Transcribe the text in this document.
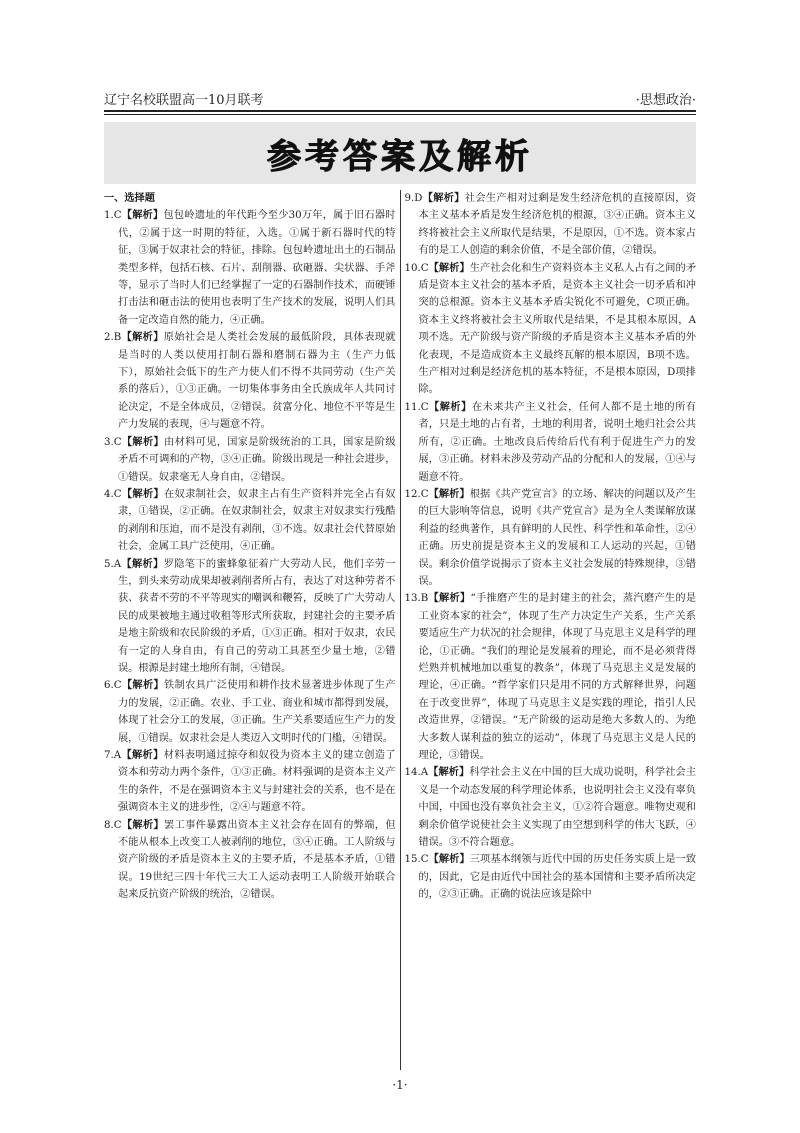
辽宁名校联盟高一10月联考	·思想政治·
参考答案及解析
一、选择题

1.C【解析】包包岭遗址的年代距今至少30万年，属于旧石器时代，②属于这一时期的特征，入选。①属于新石器时代的特征，③属于奴隶社会的特征，排除。包包岭遗址出土的石制品类型多样，包括石核、石片、刮削器、砍砸器、尖状器、手斧等，显示了当时人们已经掌握了一定的石器制作技术，而硬锤打击法和砸击法的使用也表明了生产技术的发展，说明人们具备一定改造自然的能力，④正确。

2.B【解析】原始社会是人类社会发展的最低阶段，具体表现就是当时的人类以使用打制石器和磨制石器为主（生产力低下），原始社会低下的生产力使人们不得不共同劳动（生产关系的落后），①③正确。一切集体事务由全氏族成年人共同讨论决定，不是全体成员，②错误。贫富分化、地位不平等是生产力发展的表现，④与题意不符。

3.C【解析】由材料可见，国家是阶级统治的工具，国家是阶级矛盾不可调和的产物，③④正确。阶级出现是一种社会进步，①错误。奴隶毫无人身自由，②错误。

4.C【解析】在奴隶制社会，奴隶主占有生产资料并完全占有奴隶，①错误，②正确。在奴隶制社会，奴隶主对奴隶实行残酷的剥削和压迫，而不是没有剥削，③不选。奴隶社会代替原始社会，金属工具广泛使用，④正确。

5.A【解析】罗隐笔下的蜜蜂象征着广大劳动人民，他们辛劳一生，到头来劳动成果却被剥削者所占有，表达了对这种劳者不获、获者不劳的不平等现实的嘲讽和鞭笞，反映了广大劳动人民的成果被地主通过收租等形式所获取，封建社会的主要矛盾是地主阶级和农民阶级的矛盾，①③正确。相对于奴隶，农民有一定的人身自由，有自己的劳动工具甚至少量土地，②错误。根源是封建土地所有制，④错误。

6.C【解析】铁制农具广泛使用和耕作技术显著进步体现了生产力的发展，②正确。农业、手工业、商业和城市都得到发展，体现了社会分工的发展，③正确。生产关系要适应生产力的发展，①错误。奴隶社会是人类迈入文明时代的门槛，④错误。

7.A【解析】材料表明通过掠夺和奴役为资本主义的建立创造了资本和劳动力两个条件，①③正确。材料强调的是资本主义产生的条件，不是在强调资本主义与封建社会的关系，也不是在强调资本主义的进步性，②④与题意不符。

8.C【解析】罢工事件暴露出资本主义社会存在固有的弊端，但不能从根本上改变工人被剥削的地位，③④正确。工人阶级与资产阶级的矛盾是资本主义的主要矛盾，不是基本矛盾，①错误。19世纪三四十年代三大工人运动表明工人阶级开始联合起来反抗资产阶级的统治，②错误。

9.D【解析】社会生产相对过剩是发生经济危机的直接原因，资本主义基本矛盾是发生经济危机的根源，③④正确。资本主义终将被社会主义所取代是结果，不是原因，①不选。资本家占有的是工人创造的剩余价值，不是全部价值，②错误。

10.C【解析】生产社会化和生产资料资本主义私人占有之间的矛盾是资本主义社会的基本矛盾，是资本主义社会一切矛盾和冲突的总根源。资本主义基本矛盾尖锐化不可避免，C项正确。资本主义终将被社会主义所取代是结果，不是其根本原因，A项不选。无产阶级与资产阶级的矛盾是资本主义基本矛盾的外化表现，不是造成资本主义最终瓦解的根本原因，B项不选。生产相对过剩是经济危机的基本特征，不是根本原因，D项排除。

11.C【解析】在未来共产主义社会，任何人都不是土地的所有者，只是土地的占有者，土地的利用者，说明土地归社会公共所有，②正确。土地改良后传给后代有利于促进生产力的发展，③正确。材料未涉及劳动产品的分配和人的发展，①④与题意不符。

12.C【解析】根据《共产党宣言》的立场、解决的问题以及产生的巨大影响等信息，说明《共产党宣言》是为全人类谋解放谋利益的经典著作，具有鲜明的人民性、科学性和革命性，②④正确。历史前提是资本主义的发展和工人运动的兴起，①错误。剩余价值学说揭示了资本主义社会发展的特殊规律，③错误。

13.B【解析】“手推磨产生的是封建主的社会，蒸汽磨产生的是工业资本家的社会”，体现了生产力决定生产关系，生产关系要适应生产力状况的社会规律，体现了马克思主义是科学的理论，①正确。“我们的理论是发展着的理论，而不是必须背得烂熟并机械地加以重复的教条”，体现了马克思主义是发展的理论，④正确。“哲学家们只是用不同的方式解释世界，问题在于改变世界”，体现了马克思主义是实践的理论，指引人民改造世界，②错误。“无产阶级的运动是绝大多数人的、为绝大多数人谋利益的独立的运动”，体现了马克思主义是人民的理论，③错误。

14.A【解析】科学社会主义在中国的巨大成功说明，科学社会主义是一个动态发展的科学理论体系，也说明社会主义没有辜负中国，中国也没有辜负社会主义，①②符合题意。唯物史观和剩余价值学说使社会主义实现了由空想到科学的伟大飞跃，④错误。③不符合题意。

15.C【解析】三项基本纲领与近代中国的历史任务实质上是一致的，因此，它是由近代中国社会的基本国情和主要矛盾所决定的，②③正确。正确的说法应该是除中

·1·
